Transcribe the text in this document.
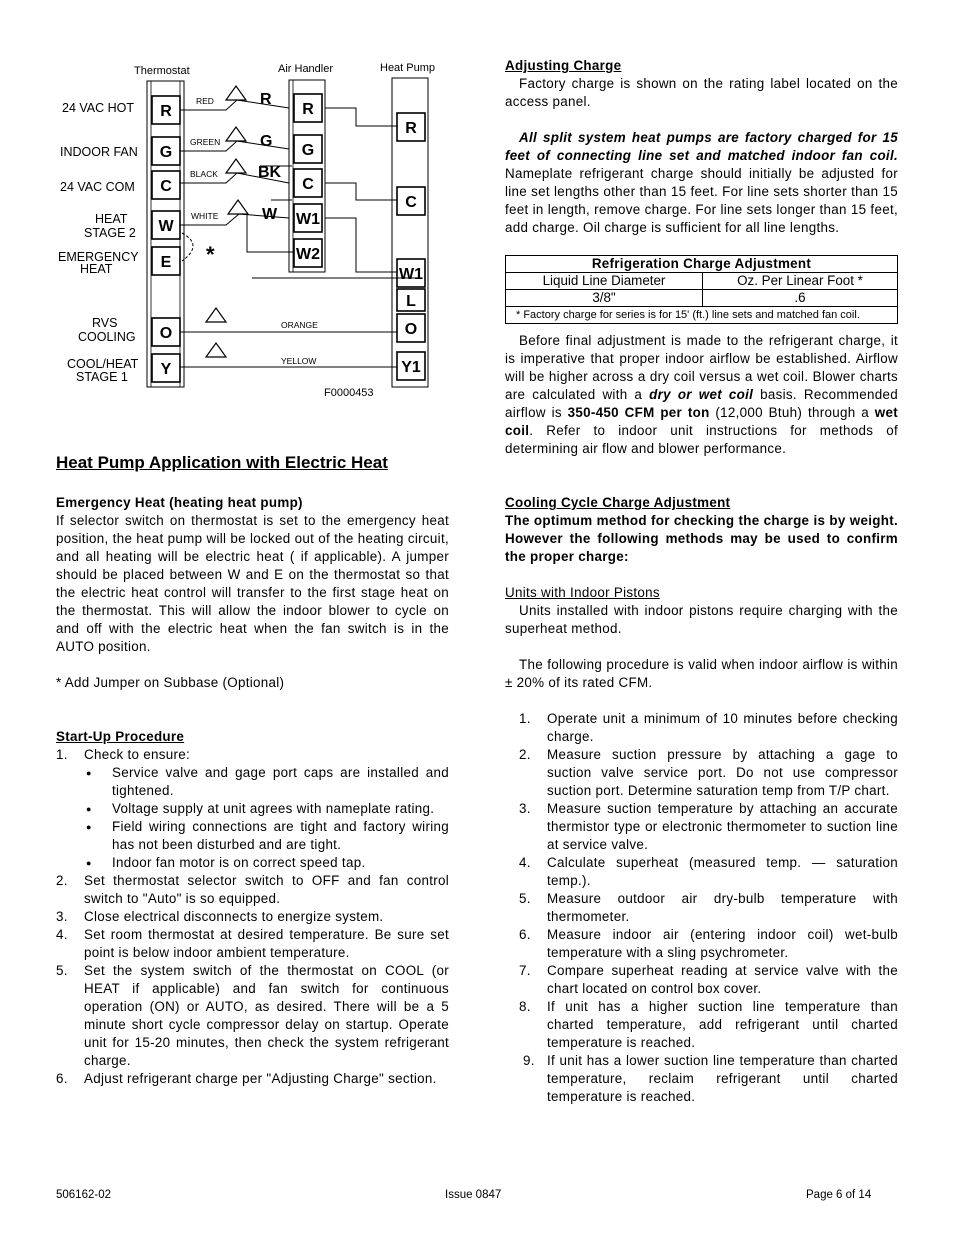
Thermostat	Air Handler	Heat Pump
24 VAC HOT
INDOOR FAN
24 VAC COM
HEAT
STAGE 2
EMERGENCY
HEAT
RVS
COOLING
COOL/HEAT
STAGE 1
R
G
C
W
E
O
Y
*
R
G
C
W1
W2
R
C
W1
L
O
Y1
RED
GREEN
BLACK
WHITE
ORANGE
YELLOW
R
G
BK
W
F0000453
Heat Pump Application with Electric Heat
Emergency Heat (heating heat pump)

If selector switch on thermostat is set to the emergency heat position, the heat pump will be locked out of the heating circuit, and all heating will be electric heat ( if applicable). A jumper should be placed between W and E on the thermostat so that the electric heat control will transfer to the first stage heat on the thermostat. This will allow the indoor blower to cycle on and off with the electric heat when the fan switch is in the AUTO position.

* Add Jumper on Subbase (Optional)

Start-Up Procedure
1. Check to ensure:
● Service valve and gage port caps are installed and tightened.
● Voltage supply at unit agrees with nameplate rating.
● Field wiring connections are tight and factory wiring has not been disturbed and are tight.
● Indoor fan motor is on correct speed tap.
2. Set thermostat selector switch to OFF and fan control switch to "Auto" is so equipped.
3. Close electrical disconnects to energize system.
4. Set room thermostat at desired temperature. Be sure set point is below indoor ambient temperature.
5. Set the system switch of the thermostat on COOL (or HEAT if applicable) and fan switch for continuous operation (ON) or AUTO, as desired. There will be a 5 minute short cycle compressor delay on startup. Operate unit for 15-20 minutes, then check the system refrigerant charge.
6. Adjust refrigerant charge per "Adjusting Charge" section.
Adjusting Charge

Factory charge is shown on the rating label located on the access panel.

All split system heat pumps are factory charged for 15 feet of connecting line set and matched indoor fan coil. Nameplate refrigerant charge should initially be adjusted for line set lengths other than 15 feet. For line sets shorter than 15 feet in length, remove charge. For line sets longer than 15 feet, add charge. Oil charge is sufficient for all line lengths.

Refrigeration Charge Adjustment	
Liquid Line Diameter	Oz. Per Linear Foot *
3/8"	.6
* Factory charge for series is for 15' (ft.) line sets and matched fan coil.	

Before final adjustment is made to the refrigerant charge, it is imperative that proper indoor airflow be established. Airflow will be higher across a dry coil versus a wet coil. Blower charts are calculated with a dry or wet coil basis. Recommended airflow is 350-450 CFM per ton (12,000 Btuh) through a wet coil. Refer to indoor unit instructions for methods of determining air flow and blower performance.

Cooling Cycle Charge Adjustment

The optimum method for checking the charge is by weight. However the following methods may be used to confirm the proper charge:

Units with Indoor Pistons

Units installed with indoor pistons require charging with the superheat method.

The following procedure is valid when indoor airflow is within ± 20% of its rated CFM.

1. Operate unit a minimum of 10 minutes before checking charge.
2. Measure suction pressure by attaching a gage to suction valve service port. Do not use compressor suction port. Determine saturation temp from T/P chart.
3. Measure suction temperature by attaching an accurate thermistor type or electronic thermometer to suction line at service valve.
4. Calculate superheat (measured temp. — saturation temp.).
5. Measure outdoor air dry-bulb temperature with thermometer.
6. Measure indoor air (entering indoor coil) wet-bulb temperature with a sling psychrometer.
7. Compare superheat reading at service valve with the chart located on control box cover.
8. If unit has a higher suction line temperature than charted temperature, add refrigerant until charted temperature is reached.
9. If unit has a lower suction line temperature than charted temperature, reclaim refrigerant until charted temperature is reached.
506162-02	Issue 0847	Page 6 of 14
